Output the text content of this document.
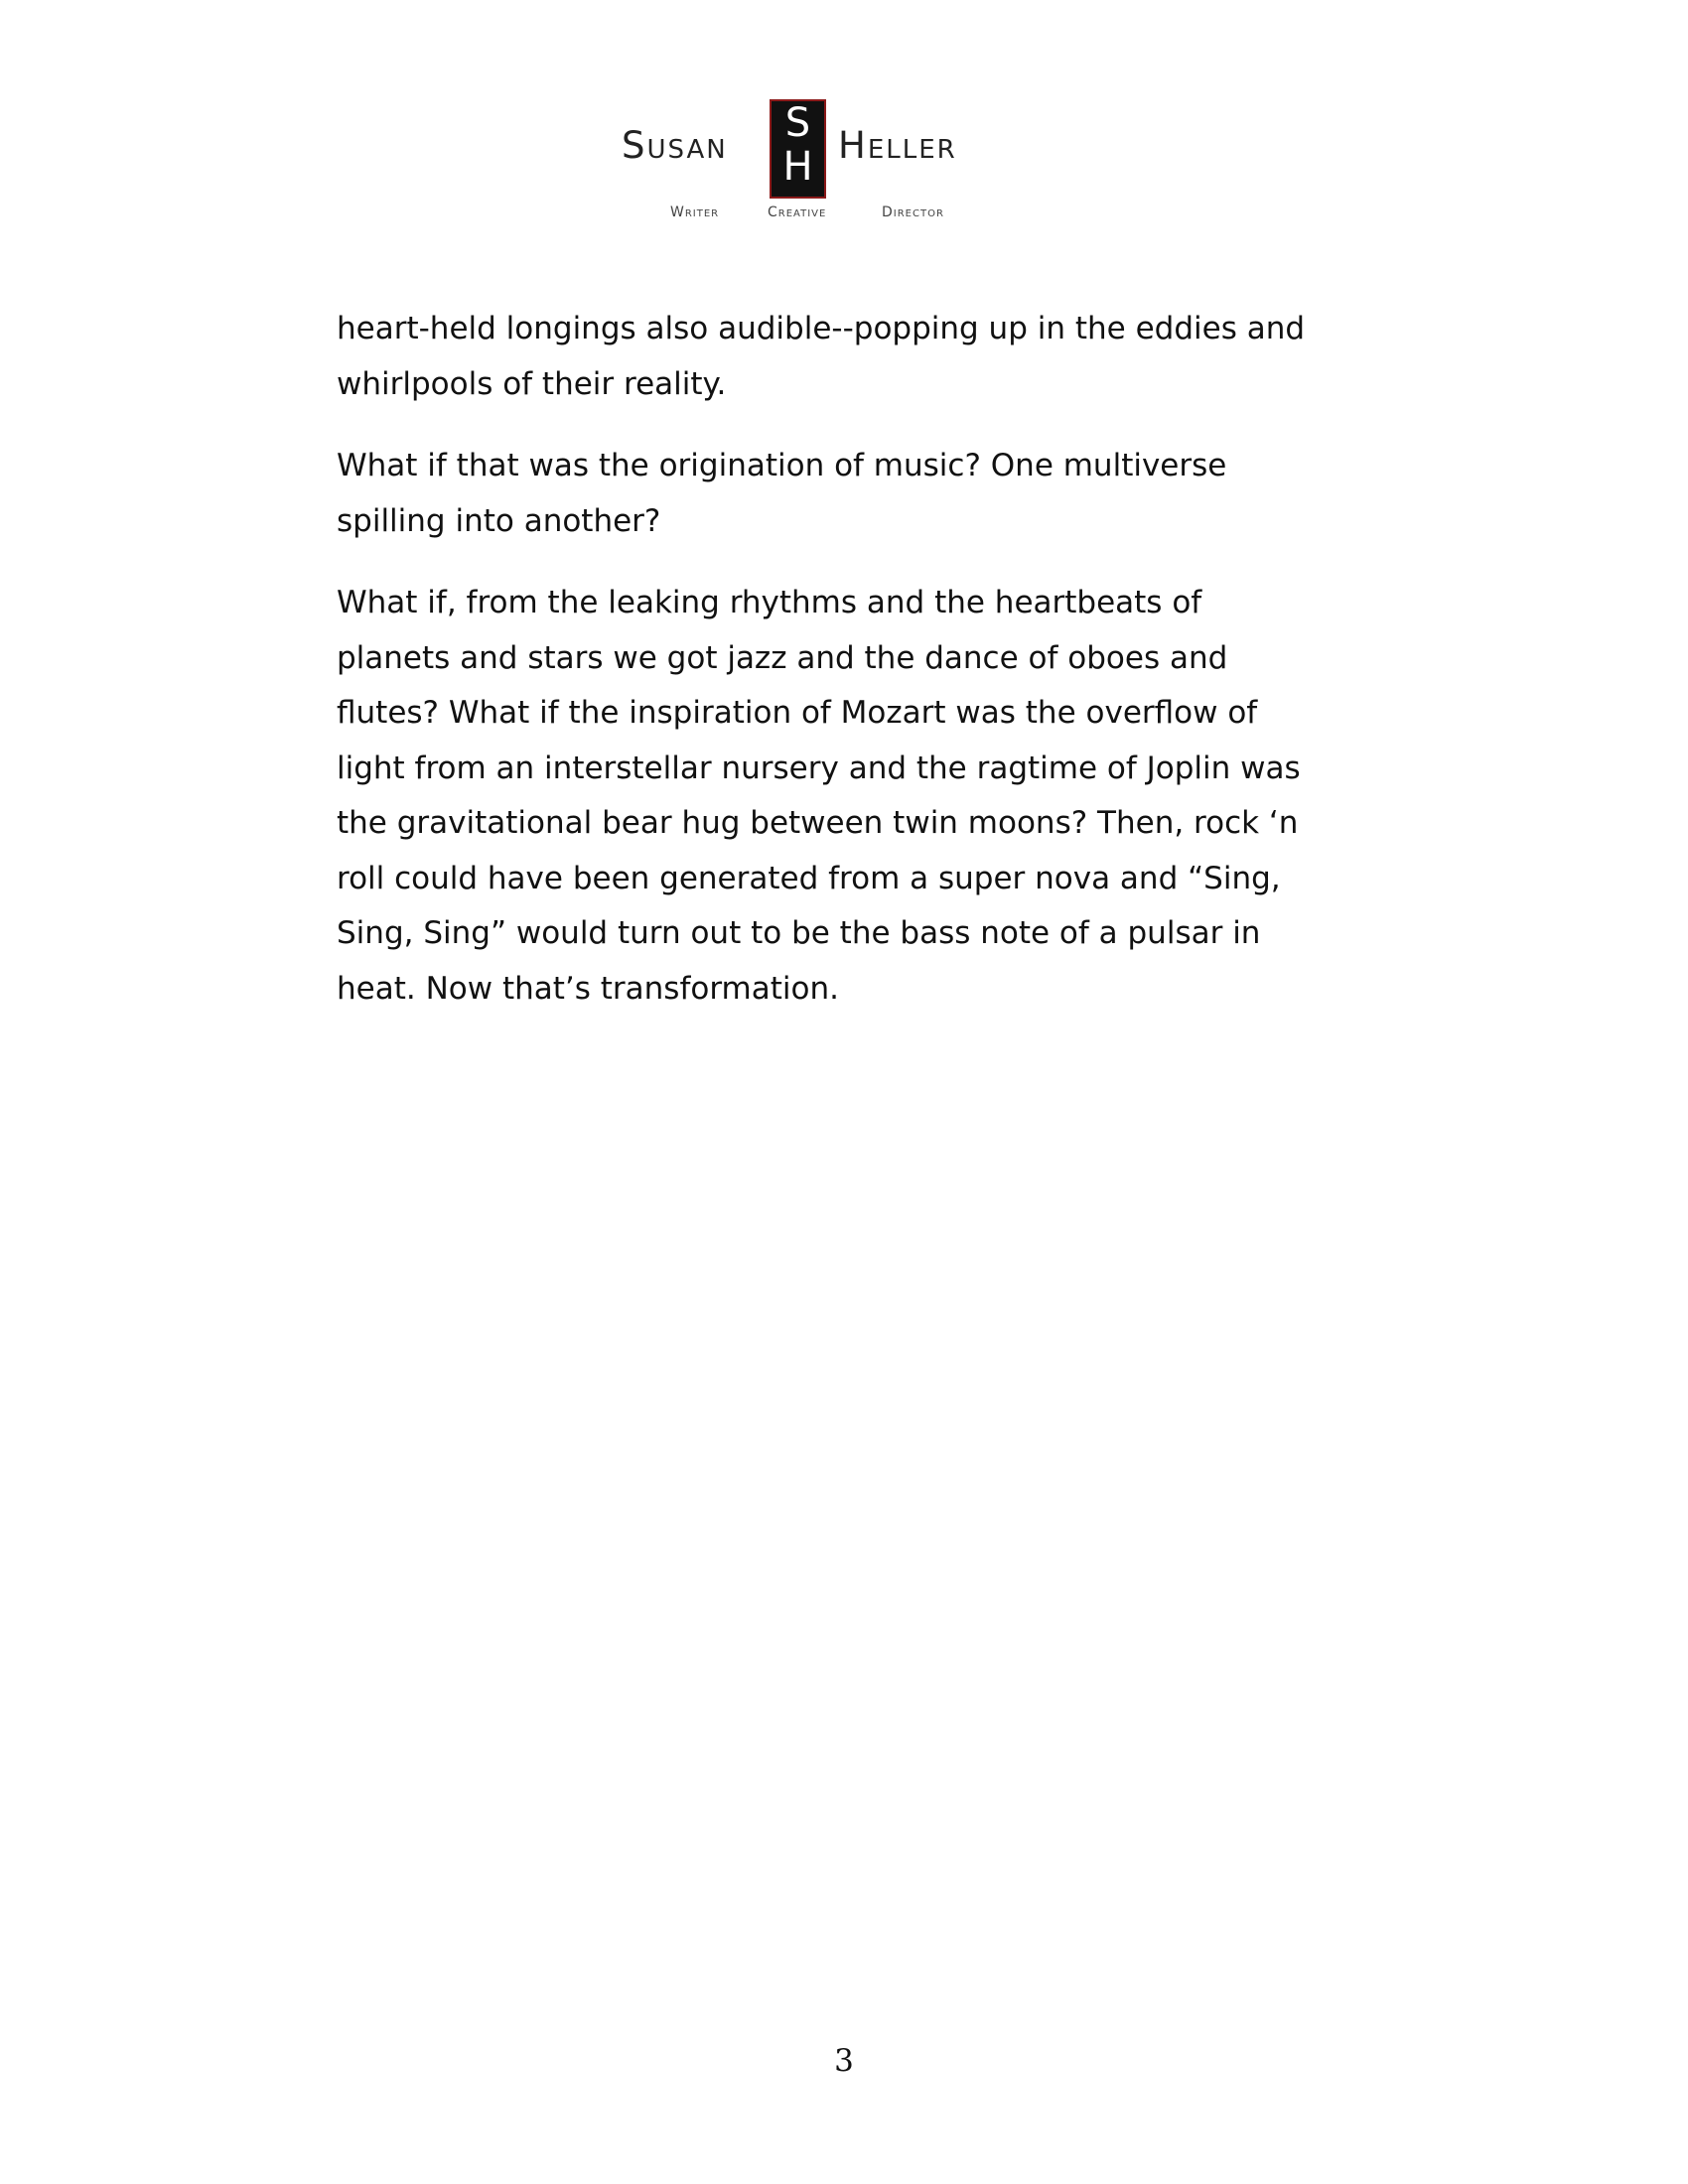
Susan	S
H Heller
Writer	Creative	Director

heart-held longings also audible--popping up in the eddies and
whirlpools of their reality.

What if that was the origination of music? One multiverse
spilling into another?

What if, from the leaking rhythms and the heartbeats of
planets and stars we got jazz and the dance of oboes and
flutes? What if the inspiration of Mozart was the overflow of
light from an interstellar nursery and the ragtime of Joplin was
the gravitational bear hug between twin moons? Then, rock ‘n
roll could have been generated from a super nova and “Sing,
Sing, Sing” would turn out to be the bass note of a pulsar in
heat. Now that’s transformation.

3
